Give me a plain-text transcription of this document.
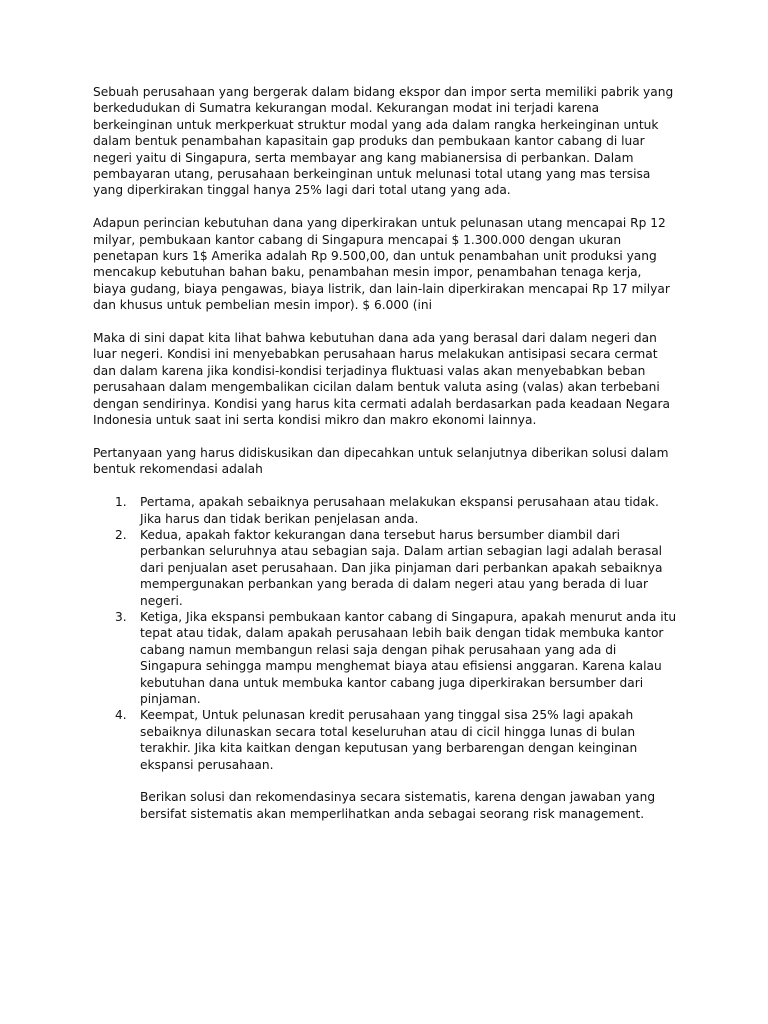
Sebuah perusahaan yang bergerak dalam bidang ekspor dan impor serta memiliki pabrik yang berkedudukan di Sumatra kekurangan modal. Kekurangan modat ini terjadi karena berkeinginan untuk merkperkuat struktur modal yang ada dalam rangka herkeinginan untuk dalam bentuk penambahan kapasitain gap produks dan pembukaan kantor cabang di luar negeri yaitu di Singapura, serta membayar ang kang mabianersisa di perbankan. Dalam pembayaran utang, perusahaan berkeinginan untuk melunasi total utang yang mas tersisa yang diperkirakan tinggal hanya 25% lagi dari total utang yang ada.

Adapun perincian kebutuhan dana yang diperkirakan untuk pelunasan utang mencapai Rp 12 milyar, pembukaan kantor cabang di Singapura mencapai $ 1.300.000 dengan ukuran penetapan kurs 1$ Amerika adalah Rp 9.500,00, dan untuk penambahan unit produksi yang mencakup kebutuhan bahan baku, penambahan mesin impor, penambahan tenaga kerja, biaya gudang, biaya pengawas, biaya listrik, dan lain-lain diperkirakan mencapai Rp 17 milyar dan khusus untuk pembelian mesin impor). $ 6.000 (ini

Maka di sini dapat kita lihat bahwa kebutuhan dana ada yang berasal dari dalam negeri dan luar negeri. Kondisi ini menyebabkan perusahaan harus melakukan antisipasi secara cermat dan dalam karena jika kondisi-kondisi terjadinya fluktuasi valas akan menyebabkan beban perusahaan dalam mengembalikan cicilan dalam bentuk valuta asing (valas) akan terbebani dengan sendirinya. Kondisi yang harus kita cermati adalah berdasarkan pada keadaan Negara Indonesia untuk saat ini serta kondisi mikro dan makro ekonomi lainnya.

Pertanyaan yang harus didiskusikan dan dipecahkan untuk selanjutnya diberikan solusi dalam bentuk rekomendasi adalah

1. Pertama, apakah sebaiknya perusahaan melakukan ekspansi perusahaan atau tidak. Jika harus dan tidak berikan penjelasan anda.
2. Kedua, apakah faktor kekurangan dana tersebut harus bersumber diambil dari perbankan seluruhnya atau sebagian saja. Dalam artian sebagian lagi adalah berasal dari penjualan aset perusahaan. Dan jika pinjaman dari perbankan apakah sebaiknya mempergunakan perbankan yang berada di dalam negeri atau yang berada di luar negeri.
3. Ketiga, Jika ekspansi pembukaan kantor cabang di Singapura, apakah menurut anda itu tepat atau tidak, dalam apakah perusahaan lebih baik dengan tidak membuka kantor cabang namun membangun relasi saja dengan pihak perusahaan yang ada di Singapura sehingga mampu menghemat biaya atau efisiensi anggaran. Karena kalau kebutuhan dana untuk membuka kantor cabang juga diperkirakan bersumber dari pinjaman.
4. Keempat, Untuk pelunasan kredit perusahaan yang tinggal sisa 25% lagi apakah sebaiknya dilunaskan secara total keseluruhan atau di cicil hingga lunas di bulan terakhir. Jika kita kaitkan dengan keputusan yang berbarengan dengan keinginan ekspansi perusahaan.

Berikan solusi dan rekomendasinya secara sistematis, karena dengan jawaban yang bersifat sistematis akan memperlihatkan anda sebagai seorang risk management.
